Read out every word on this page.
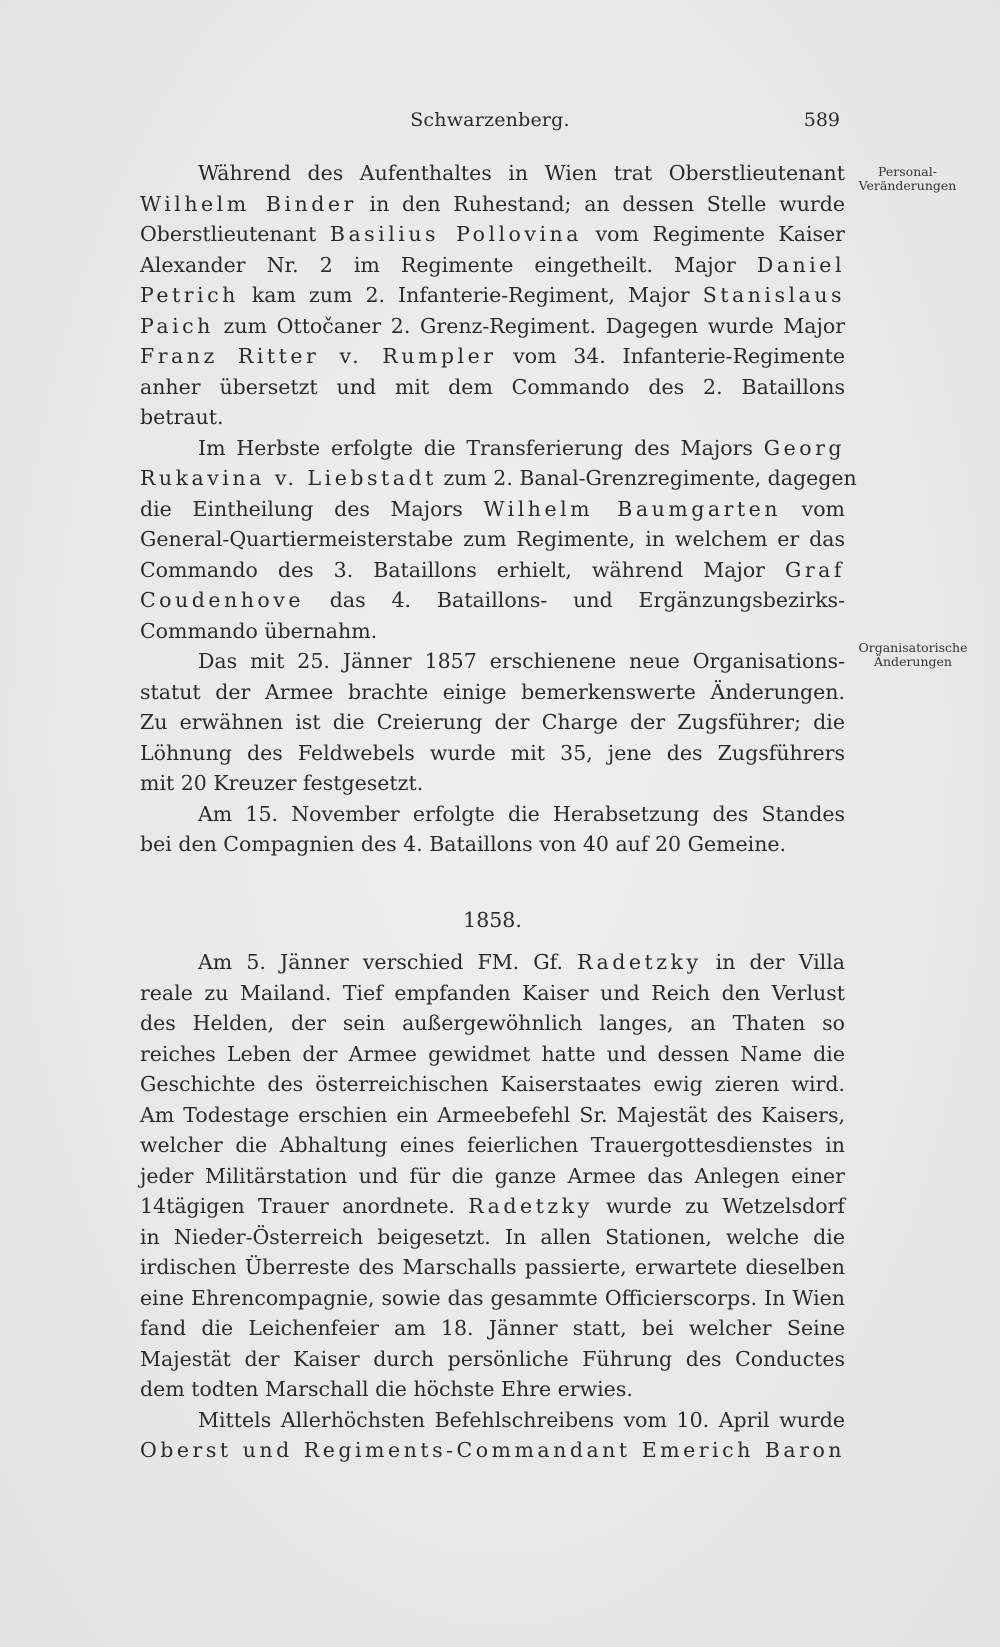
Schwarzenberg.	589
Personal-
Veränderungen
Organisatorische
Änderungen
Während des Aufenthaltes in Wien trat Oberstlieutenant
Wilhelm Binder in den Ruhestand; an dessen Stelle wurde
Oberstlieutenant Basilius Pollovina vom Regimente Kaiser
Alexander Nr. 2 im Regimente eingetheilt. Major Daniel
Petrich kam zum 2. Infanterie-Regiment, Major Stanislaus
Paich zum Ottočaner 2. Grenz-Regiment. Dagegen wurde Major
Franz Ritter v. Rumpler vom 34. Infanterie-Regimente
anher übersetzt und mit dem Commando des 2. Bataillons
betraut.
Im Herbste erfolgte die Transferierung des Majors Georg
Rukavina v. Liebstadt zum 2. Banal-Grenzregimente, dagegen
die Eintheilung des Majors Wilhelm Baumgarten vom
General-Quartiermeisterstabe zum Regimente, in welchem er das
Commando des 3. Bataillons erhielt, während Major Graf
Coudenhove das 4. Bataillons- und Ergänzungsbezirks-
Commando übernahm.
Das mit 25. Jänner 1857 erschienene neue Organisations-
statut der Armee brachte einige bemerkenswerte Änderungen.
Zu erwähnen ist die Creierung der Charge der Zugsführer; die
Löhnung des Feldwebels wurde mit 35, jene des Zugsführers
mit 20 Kreuzer festgesetzt.
Am 15. November erfolgte die Herabsetzung des Standes
bei den Compagnien des 4. Bataillons von 40 auf 20 Gemeine.
1858.
Am 5. Jänner verschied FM. Gf. Radetzky in der Villa
reale zu Mailand. Tief empfanden Kaiser und Reich den Verlust
des Helden, der sein außergewöhnlich langes, an Thaten so
reiches Leben der Armee gewidmet hatte und dessen Name die
Geschichte des österreichischen Kaiserstaates ewig zieren wird.
Am Todestage erschien ein Armeebefehl Sr. Majestät des Kaisers,
welcher die Abhaltung eines feierlichen Trauergottesdienstes in
jeder Militärstation und für die ganze Armee das Anlegen einer
14tägigen Trauer anordnete. Radetzky wurde zu Wetzelsdorf
in Nieder-Österreich beigesetzt. In allen Stationen, welche die
irdischen Überreste des Marschalls passierte, erwartete dieselben
eine Ehrencompagnie, sowie das gesammte Officierscorps. In Wien
fand die Leichenfeier am 18. Jänner statt, bei welcher Seine
Majestät der Kaiser durch persönliche Führung des Conductes
dem todten Marschall die höchste Ehre erwies.
Mittels Allerhöchsten Befehlschreibens vom 10. April wurde
Oberst und Regiments-Commandant Emerich Baron
